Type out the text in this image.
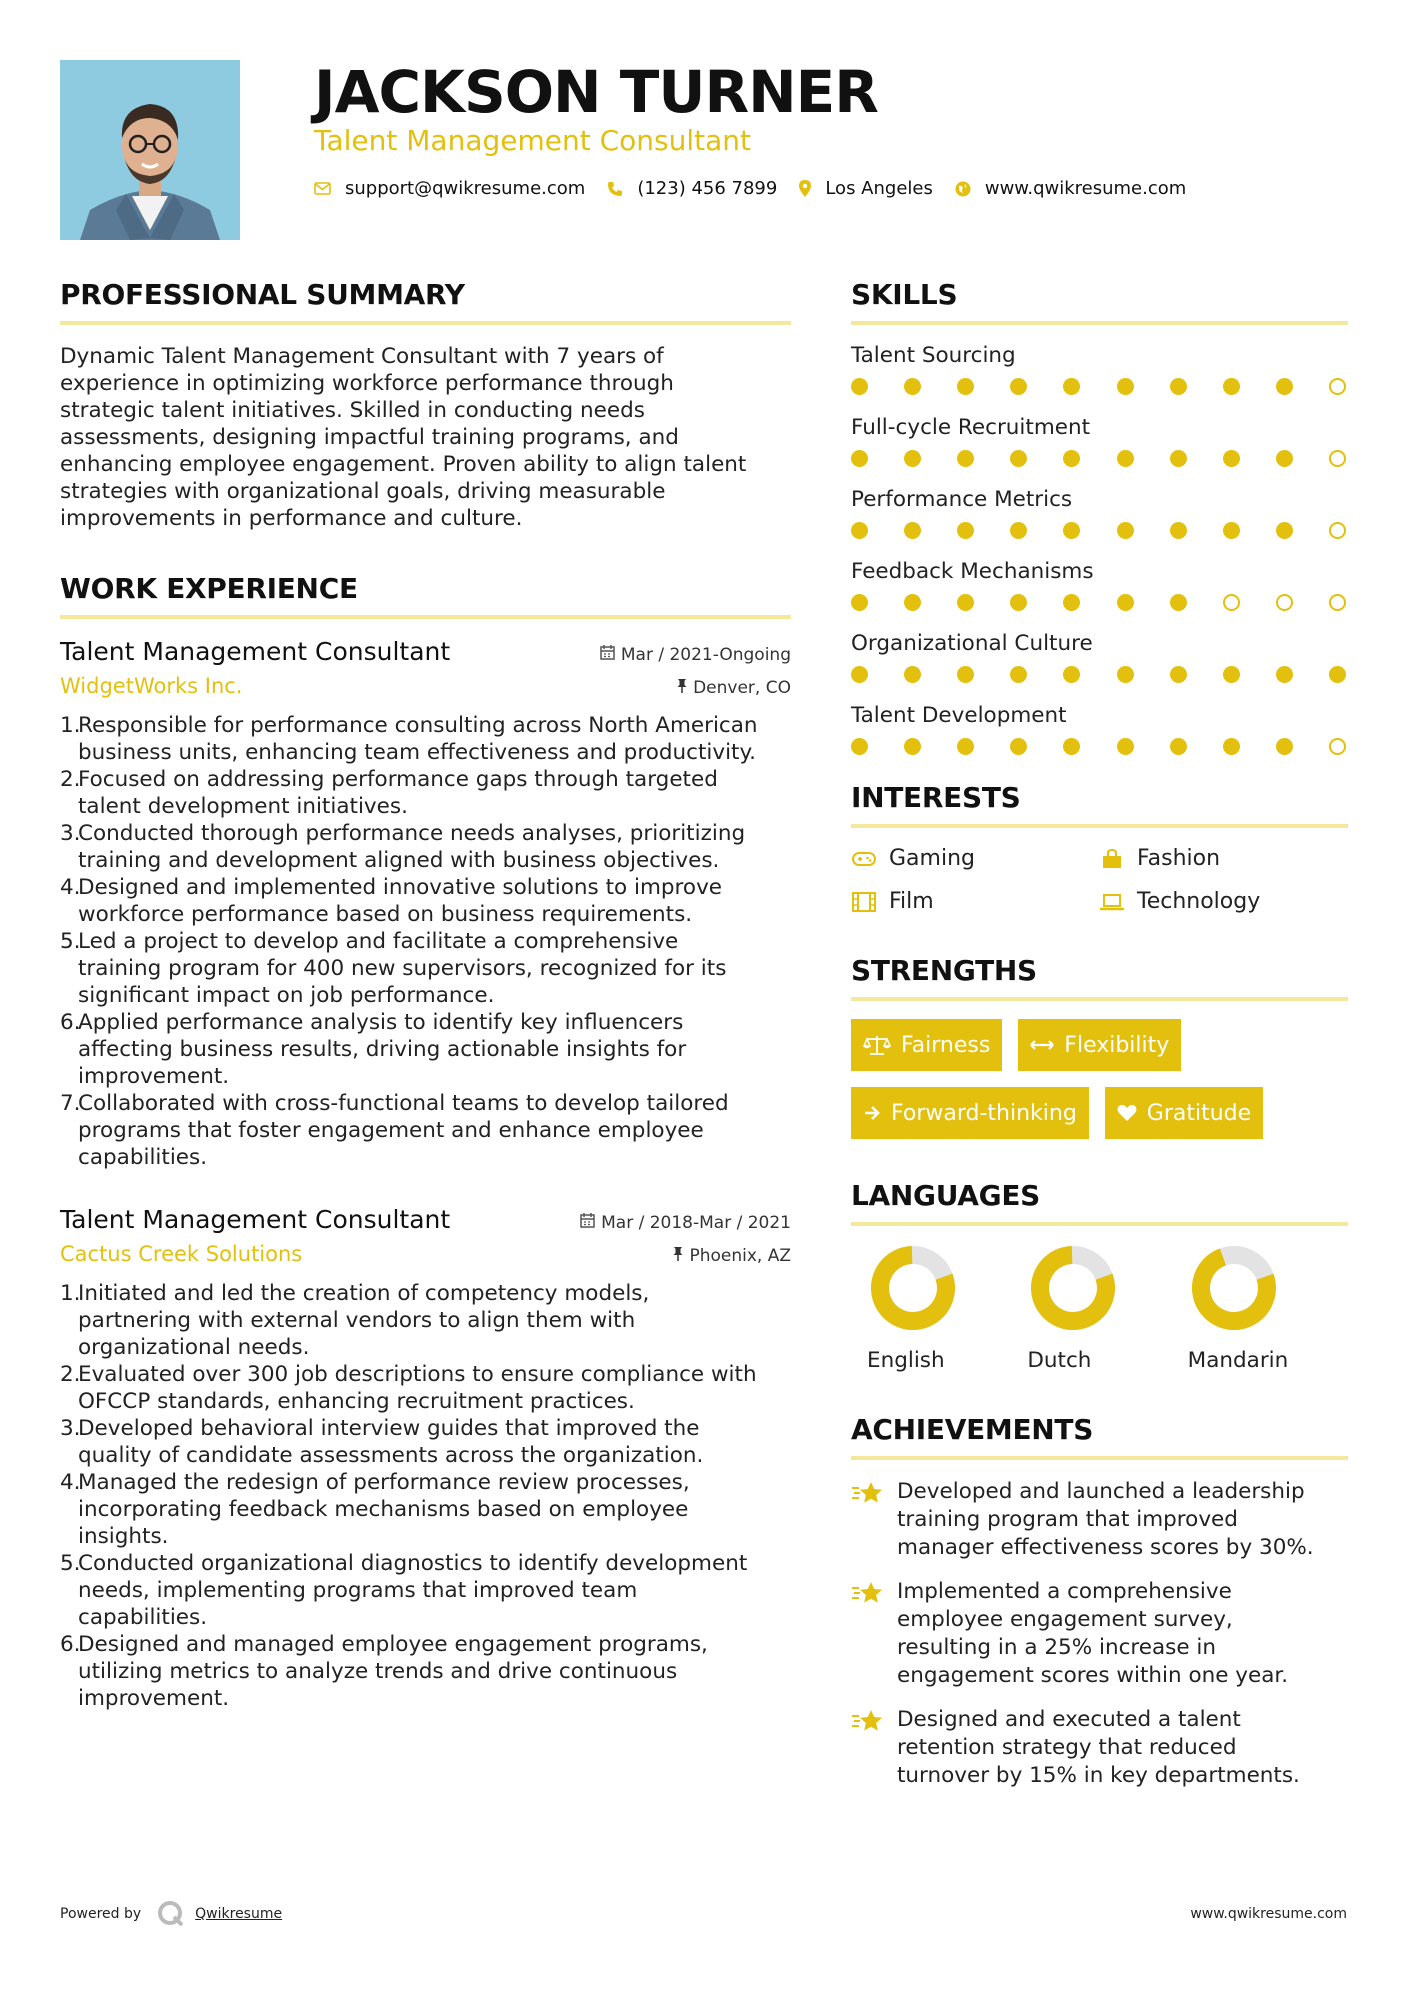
JACKSON TURNER
Talent Management Consultant
support@qwikresume.com	(123) 456 7899	Los Angeles	www.qwikresume.com
PROFESSIONAL SUMMARY
Dynamic Talent Management Consultant with 7 years of
experience in optimizing workforce performance through
strategic talent initiatives. Skilled in conducting needs
assessments, designing impactful training programs, and
enhancing employee engagement. Proven ability to align talent
strategies with organizational goals, driving measurable
improvements in performance and culture.
WORK EXPERIENCE
Talent Management Consultant	Mar / 2021-Ongoing
WidgetWorks Inc.	Denver, CO
1.
Responsible for performance consulting across North American
business units, enhancing team effectiveness and productivity.
2.
Focused on addressing performance gaps through targeted
talent development initiatives.
3.
Conducted thorough performance needs analyses, prioritizing
training and development aligned with business objectives.
4.
Designed and implemented innovative solutions to improve
workforce performance based on business requirements.
5.
Led a project to develop and facilitate a comprehensive
training program for 400 new supervisors, recognized for its
significant impact on job performance.
6.
Applied performance analysis to identify key influencers
affecting business results, driving actionable insights for
improvement.
7.
Collaborated with cross-functional teams to develop tailored
programs that foster engagement and enhance employee
capabilities.
Talent Management Consultant	Mar / 2018-Mar / 2021
Cactus Creek Solutions	Phoenix, AZ
1.
Initiated and led the creation of competency models,
partnering with external vendors to align them with
organizational needs.
2.
Evaluated over 300 job descriptions to ensure compliance with
OFCCP standards, enhancing recruitment practices.
3.
Developed behavioral interview guides that improved the
quality of candidate assessments across the organization.
4.
Managed the redesign of performance review processes,
incorporating feedback mechanisms based on employee
insights.
5.
Conducted organizational diagnostics to identify development
needs, implementing programs that improved team
capabilities.
6.
Designed and managed employee engagement programs,
utilizing metrics to analyze trends and drive continuous
improvement.
SKILLS
Talent Sourcing
Full-cycle Recruitment
Performance Metrics
Feedback Mechanisms
Organizational Culture
Talent Development
INTERESTS
Gaming	Fashion
Film	Technology
STRENGTHS
Fairness	Flexibility
Forward-thinking	Gratitude
LANGUAGES
English	Dutch	Mandarin
ACHIEVEMENTS
Developed and launched a leadership
training program that improved
manager effectiveness scores by 30%.
Implemented a comprehensive
employee engagement survey,
resulting in a 25% increase in
engagement scores within one year.
Designed and executed a talent
retention strategy that reduced
turnover by 15% in key departments.
Powered by	Qwikresume	www.qwikresume.com
